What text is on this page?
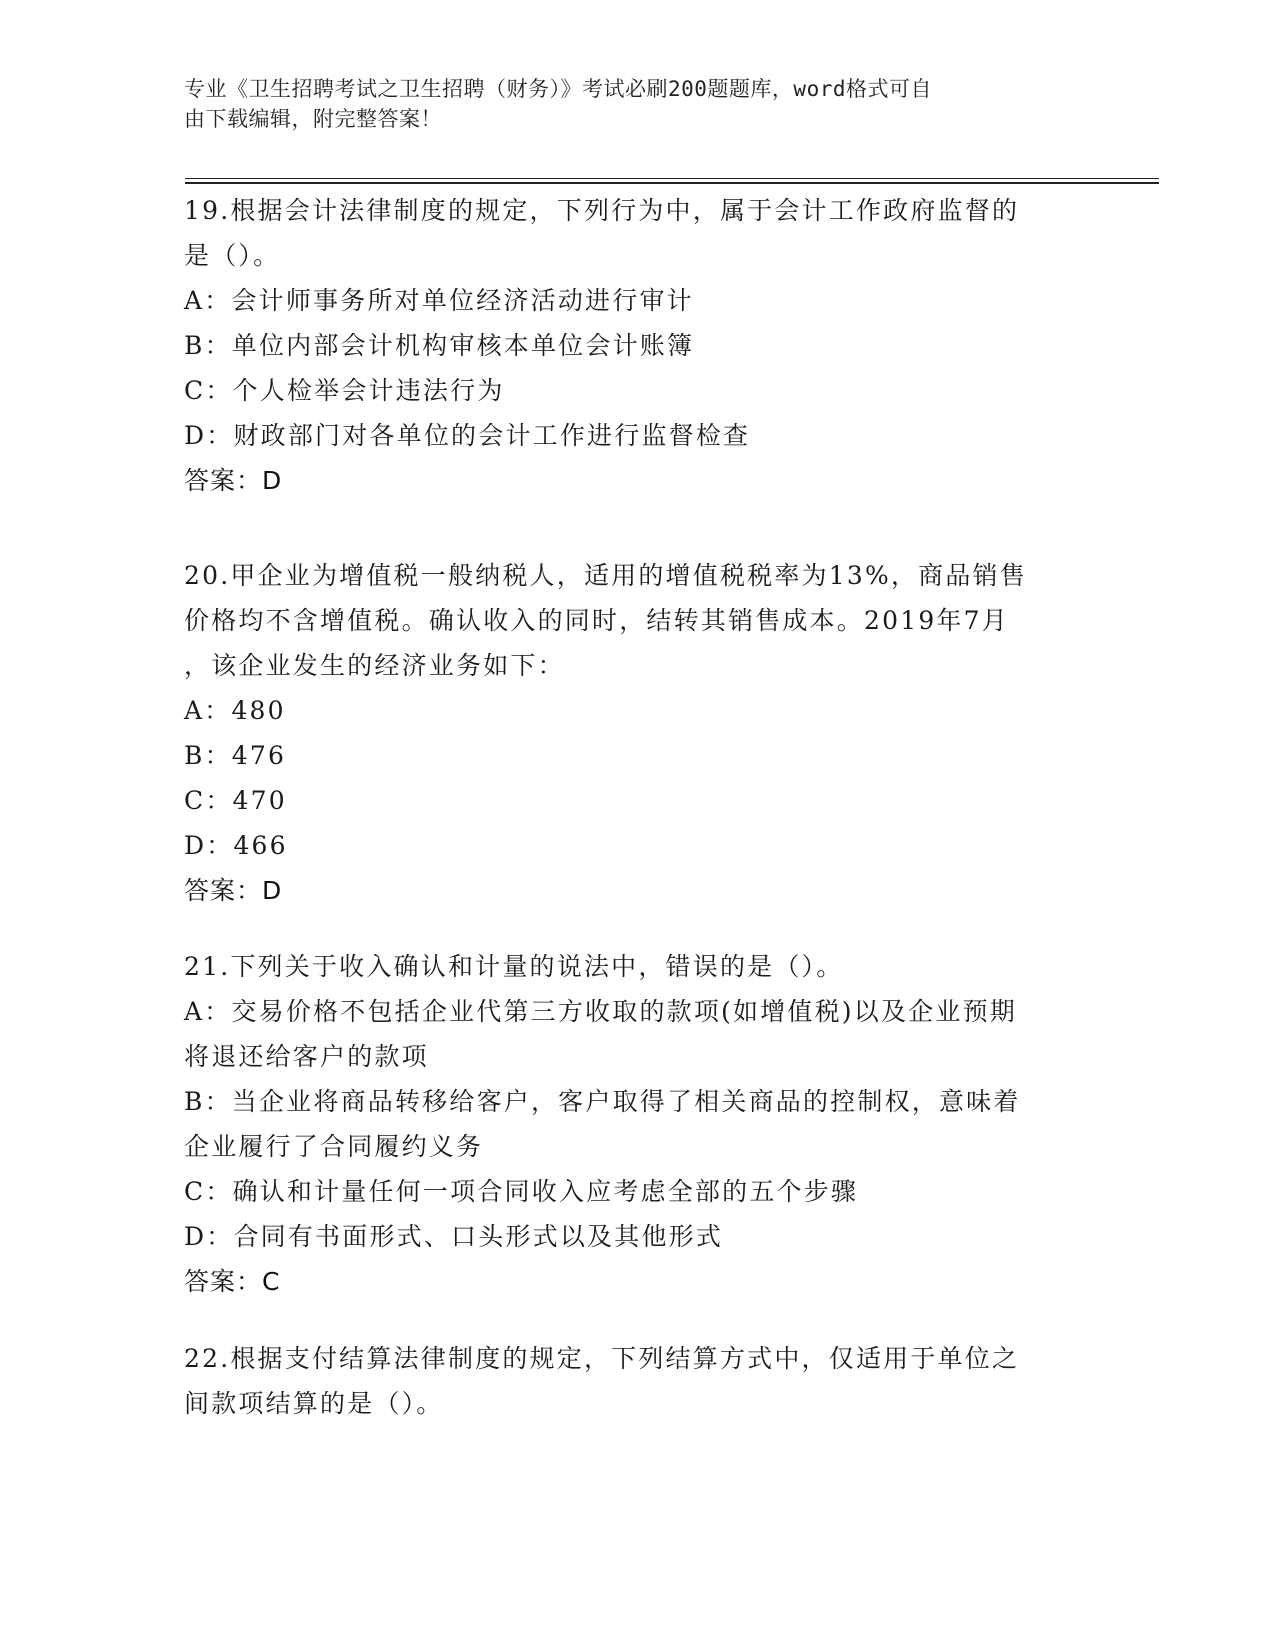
专业《卫生招聘考试之卫生招聘（财务）》考试必刷200题题库，word格式可自
由下载编辑，附完整答案！
19.根据会计法律制度的规定，下列行为中，属于会计工作政府监督的
是（）。
A：会计师事务所对单位经济活动进行审计
B：单位内部会计机构审核本单位会计账簿
C：个人检举会计违法行为
D：财政部门对各单位的会计工作进行监督检查
答案：D
20.甲企业为增值税一般纳税人，适用的增值税税率为13%，商品销售
价格均不含增值税。确认收入的同时，结转其销售成本。2019年7月
，该企业发生的经济业务如下：
A：480
B：476
C：470
D：466
答案：D
21.下列关于收入确认和计量的说法中，错误的是（）。
A：交易价格不包括企业代第三方收取的款项(如增值税)以及企业预期
将退还给客户的款项
B：当企业将商品转移给客户，客户取得了相关商品的控制权，意味着
企业履行了合同履约义务
C：确认和计量任何一项合同收入应考虑全部的五个步骤
D：合同有书面形式、口头形式以及其他形式
答案：C
22.根据支付结算法律制度的规定，下列结算方式中，仅适用于单位之
间款项结算的是（）。
